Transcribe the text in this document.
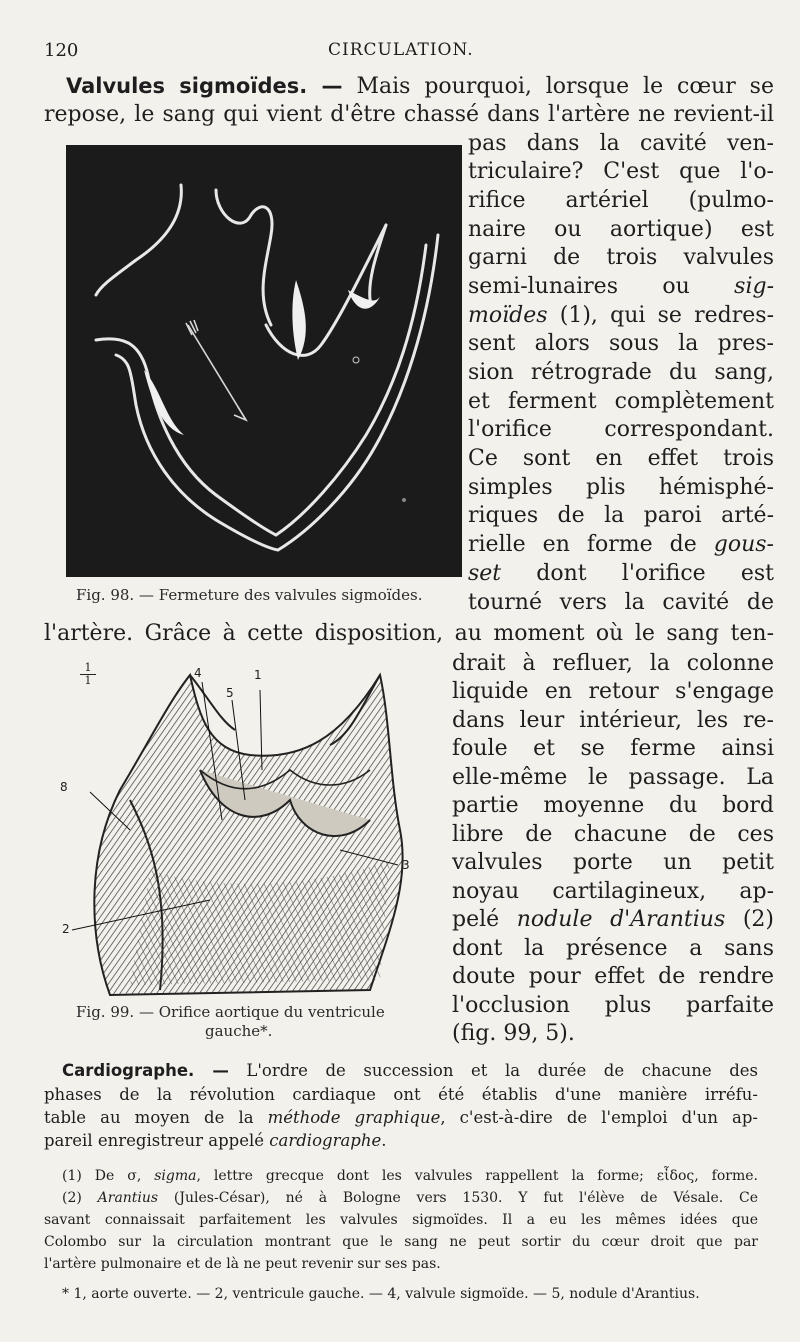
120	CIRCULATION.
Valvules sigmoïdes. — Mais pourquoi, lorsque le cœur se
repose, le sang qui vient d'être chassé dans l'artère ne revient-il
Fig. 98. — Fermeture des valvules sigmoïdes.
pas dans la cavité ven-
triculaire? C'est que l'o-
rifice artériel (pulmo-
naire ou aortique) est
garni de trois valvules
semi-lunaires ou sig-
moïdes (1), qui se redres-
sent alors sous la pres-
sion rétrograde du sang,
et ferment complètement
l'orifice correspondant.
Ce sont en effet trois
simples plis hémisphé-
riques de la paroi arté-
rielle en forme de gous-
set dont l'orifice est
tourné vers la cavité de
l'artère. Grâce à cette disposition, au moment où le sang ten-
4
5
1
8
3
2
1
1
Fig. 99. — Orifice aortique du ventricule
gauche*.
drait à refluer, la colonne
liquide en retour s'engage
dans leur intérieur, les re-
foule et se ferme ainsi
elle-même le passage. La
partie moyenne du bord
libre de chacune de ces
valvules porte un petit
noyau cartilagineux, ap-
pelé nodule d'Arantius (2)
dont la présence a sans
doute pour effet de rendre
l'occlusion plus parfaite
(fig. 99, 5).
Cardiographe. — L'ordre de succession et la durée de chacune des
phases de la révolution cardiaque ont été établis d'une manière irréfu-
table au moyen de la méthode graphique, c'est-à-dire de l'emploi d'un ap-
pareil enregistreur appelé cardiographe.
(1) De σ, sigma, lettre grecque dont les valvules rappellent la forme; εἶδος, forme.
(2) Arantius (Jules-César), né à Bologne vers 1530. Y fut l'élève de Vésale. Ce
savant connaissait parfaitement les valvules sigmoïdes. Il a eu les mêmes idées que
Colombo sur la circulation montrant que le sang ne peut sortir du cœur droit que par
l'artère pulmonaire et de là ne peut revenir sur ses pas.
* 1, aorte ouverte. — 2, ventricule gauche. — 4, valvule sigmoïde. — 5, nodule d'Arantius.
